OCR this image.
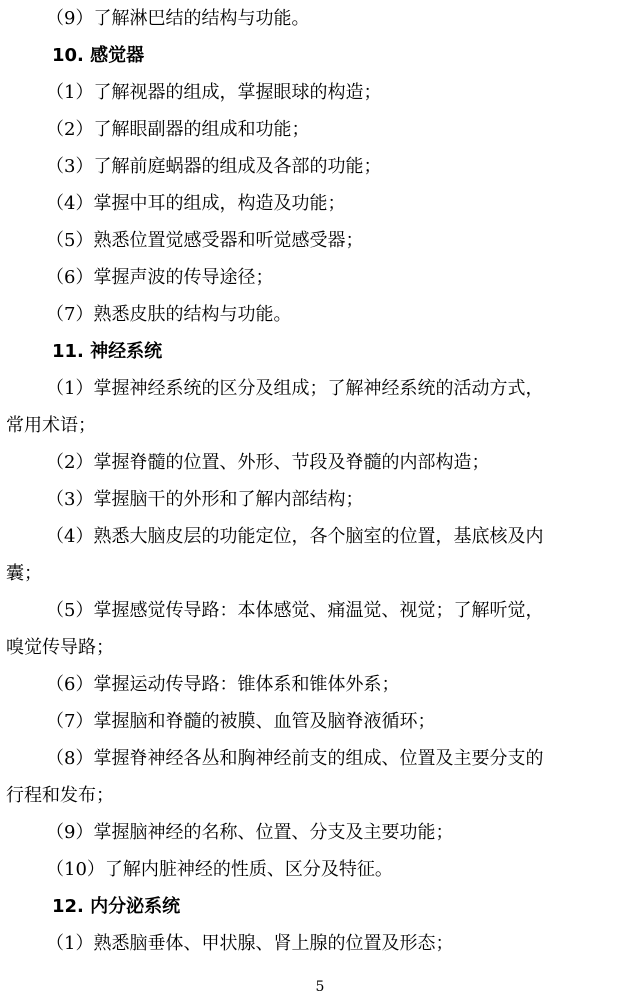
（9）了解淋巴结的结构与功能。
10. 感觉器
（1）了解视器的组成，掌握眼球的构造；
（2）了解眼副器的组成和功能；
（3）了解前庭蜗器的组成及各部的功能；
（4）掌握中耳的组成，构造及功能；
（5）熟悉位置觉感受器和听觉感受器；
（6）掌握声波的传导途径；
（7）熟悉皮肤的结构与功能。
11. 神经系统
（1）掌握神经系统的区分及组成；了解神经系统的活动方式，
常用术语；
（2）掌握脊髓的位置、外形、节段及脊髓的内部构造；
（3）掌握脑干的外形和了解内部结构；
（4）熟悉大脑皮层的功能定位，各个脑室的位置，基底核及内
囊；
（5）掌握感觉传导路：本体感觉、痛温觉、视觉；了解听觉，
嗅觉传导路；
（6）掌握运动传导路：锥体系和锥体外系；
（7）掌握脑和脊髓的被膜、血管及脑脊液循环；
（8）掌握脊神经各丛和胸神经前支的组成、位置及主要分支的
行程和发布；
（9）掌握脑神经的名称、位置、分支及主要功能；
（10）了解内脏神经的性质、区分及特征。
12. 内分泌系统
（1）熟悉脑垂体、甲状腺、肾上腺的位置及形态；
5
